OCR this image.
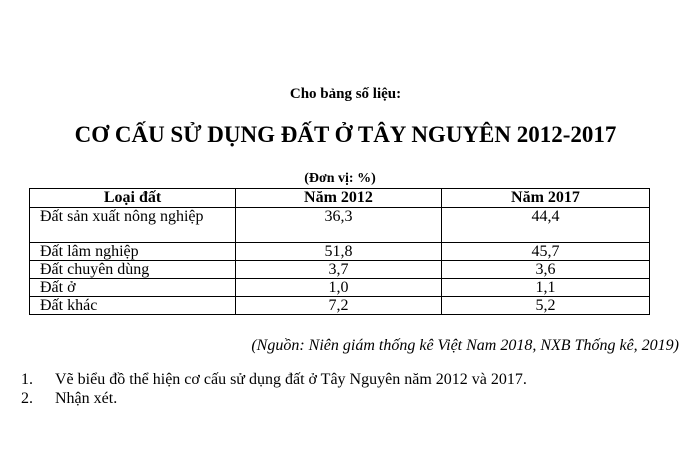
Cho bảng số liệu:
CƠ CẤU SỬ DỤNG ĐẤT Ở TÂY NGUYÊN 2012-2017
(Đơn vị: %)
Loại đất	Năm 2012	Năm 2017
Đất sản xuất nông nghiệp	36,3	44,4
Đất lâm nghiệp	51,8	45,7
Đất chuyên dùng	3,7	3,6
Đất ở	1,0	1,1
Đất khác	7,2	5,2
(Nguồn: Niên giám thống kê Việt Nam 2018, NXB Thống kê, 2019)
1.	Vẽ biểu đồ thể hiện cơ cấu sử dụng đất ở Tây Nguyên năm 2012 và 2017.
2.	Nhận xét.
